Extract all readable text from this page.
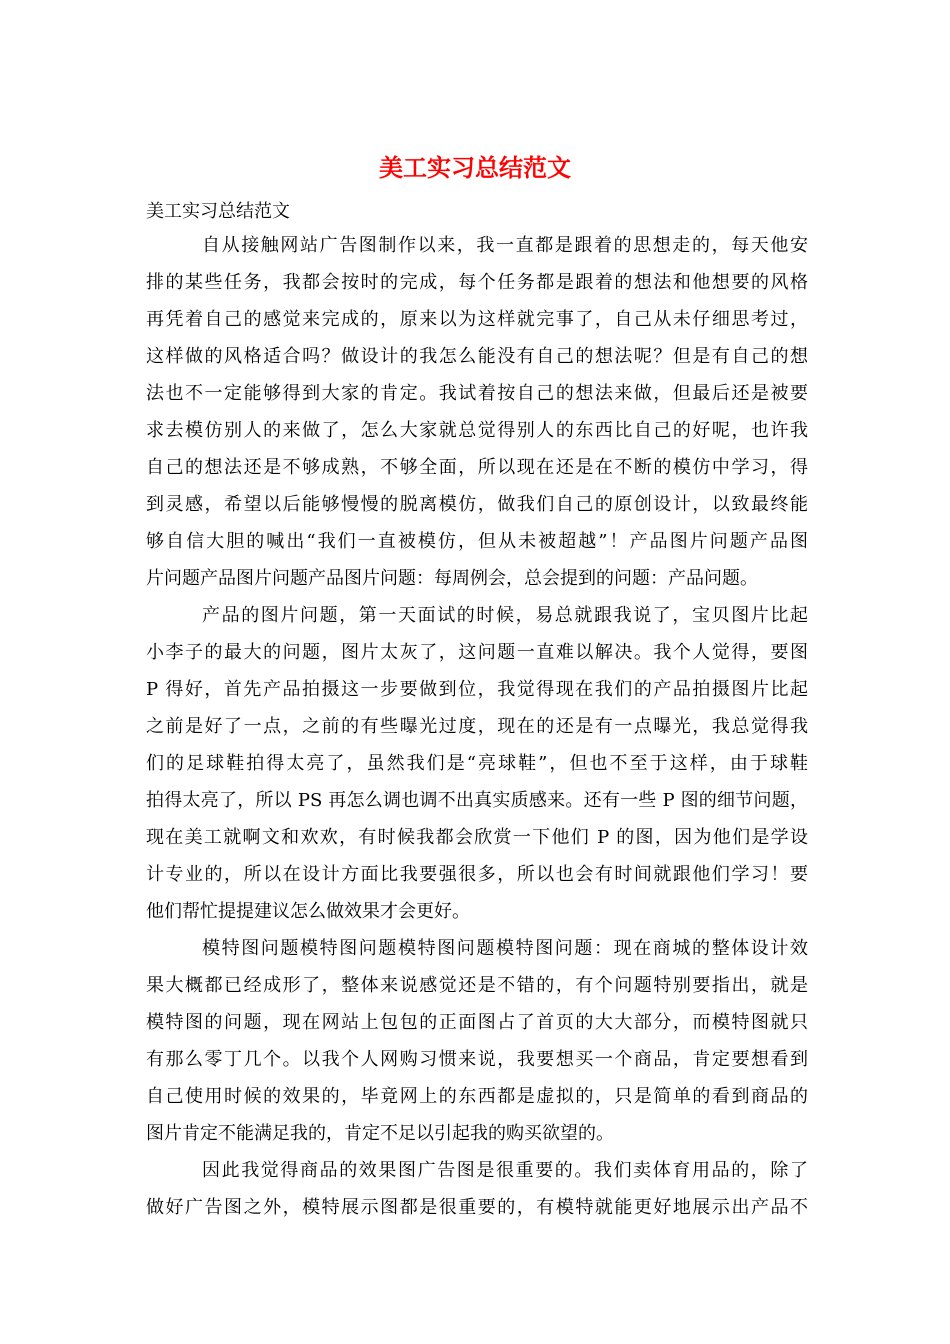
美工实习总结范文
美工实习总结范文
自从接触网站广告图制作以来，我一直都是跟着的思想走的，每天他安
排的某些任务，我都会按时的完成，每个任务都是跟着的想法和他想要的风格
再凭着自己的感觉来完成的，原来以为这样就完事了，自己从未仔细思考过，
这样做的风格适合吗？做设计的我怎么能没有自己的想法呢？但是有自己的想
法也不一定能够得到大家的肯定。我试着按自己的想法来做，但最后还是被要
求去模仿别人的来做了，怎么大家就总觉得别人的东西比自己的好呢，也许我
自己的想法还是不够成熟，不够全面，所以现在还是在不断的模仿中学习，得
到灵感，希望以后能够慢慢的脱离模仿，做我们自己的原创设计，以致最终能
够自信大胆的喊出“我们一直被模仿，但从未被超越”！产品图片问题产品图
片问题产品图片问题产品图片问题：每周例会，总会提到的问题：产品问题。
产品的图片问题，第一天面试的时候，易总就跟我说了，宝贝图片比起
小李子的最大的问题，图片太灰了，这问题一直难以解决。我个人觉得，要图
P 得好，首先产品拍摄这一步要做到位，我觉得现在我们的产品拍摄图片比起
之前是好了一点，之前的有些曝光过度，现在的还是有一点曝光，我总觉得我
们的足球鞋拍得太亮了，虽然我们是“亮球鞋”，但也不至于这样，由于球鞋
拍得太亮了，所以 PS 再怎么调也调不出真实质感来。还有一些 P 图的细节问题，
现在美工就啊文和欢欢，有时候我都会欣赏一下他们 P 的图，因为他们是学设
计专业的，所以在设计方面比我要强很多，所以也会有时间就跟他们学习！要
他们帮忙提提建议怎么做效果才会更好。
模特图问题模特图问题模特图问题模特图问题：现在商城的整体设计效
果大概都已经成形了，整体来说感觉还是不错的，有个问题特别要指出，就是
模特图的问题，现在网站上包包的正面图占了首页的大大部分，而模特图就只
有那么零丁几个。以我个人网购习惯来说，我要想买一个商品，肯定要想看到
自己使用时候的效果的，毕竟网上的东西都是虚拟的，只是简单的看到商品的
图片肯定不能满足我的，肯定不足以引起我的购买欲望的。
因此我觉得商品的效果图广告图是很重要的。我们卖体育用品的，除了
做好广告图之外，模特展示图都是很重要的，有模特就能更好地展示出产品不
